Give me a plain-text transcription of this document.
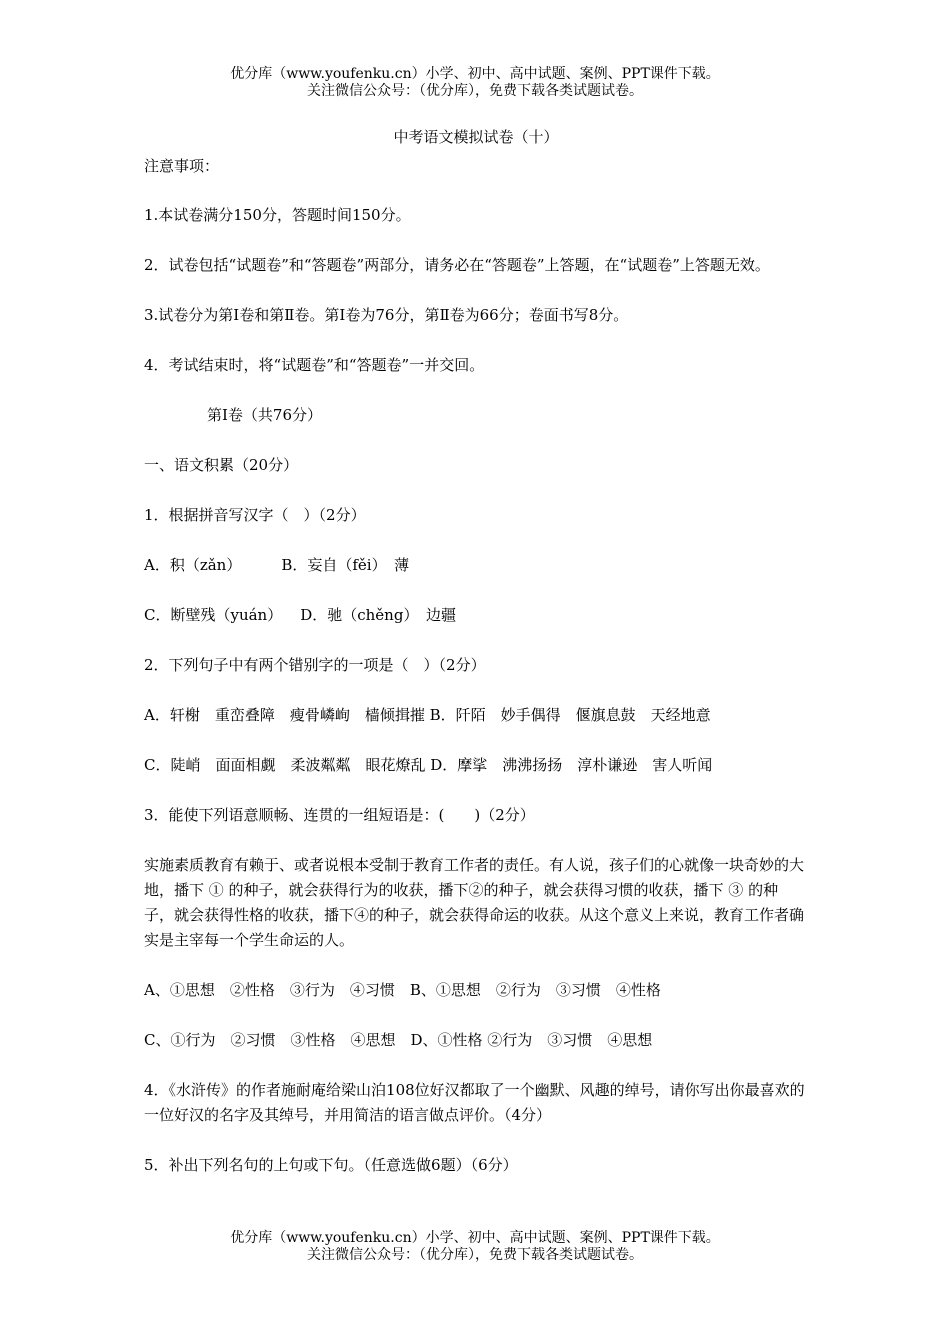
优分库（www.youfenku.cn）小学、初中、高中试题、案例、PPT课件下载。
关注微信公众号：（优分库），免费下载各类试题试卷。
中考语文模拟试卷（十）
注意事项：
1.本试卷满分150分，答题时间150分。
2．试卷包括“试题卷”和“答题卷”两部分，请务必在“答题卷”上答题，在“试题卷”上答题无效。
3.试卷分为第Ⅰ卷和第Ⅱ卷。第Ⅰ卷为76分，第Ⅱ卷为66分；卷面书写8分。
4．考试结束时，将“试题卷”和“答题卷”一并交回。
第Ⅰ卷（共76分）
一、语文积累（20分）
1．根据拼音写汉字（　）（2分）
A．积（zǎn）	B．妄自（fěi）　薄
C．断壁残（yuán） D．驰（chěng）　边疆
2．下列句子中有两个错别字的一项是（　）（2分）
A．轩榭　重峦叠障　瘦骨嶙峋　樯倾揖摧 B．阡陌　妙手偶得　偃旗息鼓　天经地意
C．陡峭　面面相觑　柔波粼粼　眼花燎乱 D．摩挲　沸沸扬扬　淳朴谦逊　害人听闻
3．能使下列语意顺畅、连贯的一组短语是：(　　)（2分）
实施素质教育有赖于、或者说根本受制于教育工作者的责任。有人说，孩子们的心就像一块奇妙的大地，播下 ① 的种子，就会获得行为的收获，播下②的种子，就会获得习惯的收获，播下 ③ 的种子，就会获得性格的收获，播下④的种子，就会获得命运的收获。从这个意义上来说，教育工作者确实是主宰每一个学生命运的人。
A、①思想　②性格　③行为　④习惯　B、①思想　②行为　③习惯　④性格
C、①行为　②习惯　③性格　④思想　D、①性格 ②行为　③习惯　④思想
4．《水浒传》的作者施耐庵给梁山泊108位好汉都取了一个幽默、风趣的绰号，请你写出你最喜欢的一位好汉的名字及其绰号，并用简洁的语言做点评价。（4分）
5．补出下列名句的上句或下句。（任意选做6题）（6分）
优分库（www.youfenku.cn）小学、初中、高中试题、案例、PPT课件下载。
关注微信公众号：（优分库），免费下载各类试题试卷。
